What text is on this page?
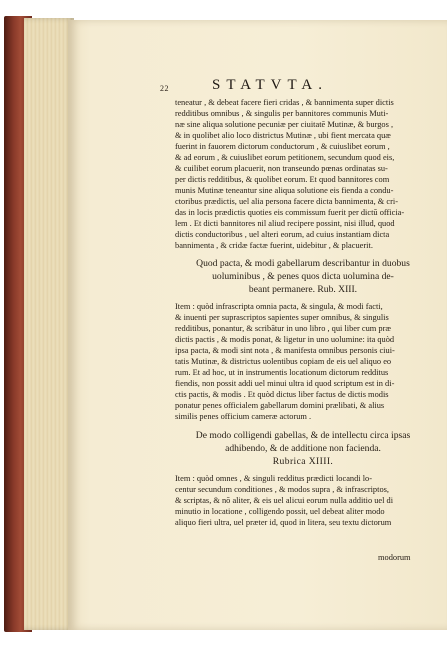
22	STATVTA.
teneatur , & debeat facere fieri cridas , & bannimenta super dictis
redditibus omnibus , & singulis per bannitores communis Muti-
næ sine aliqua solutione pecuniæ per ciuitatē Mutinæ, & burgos ,
& in quolibet alio loco districtus Mutinæ , ubi fient mercata quæ
fuerint in fauorem dictorum conductorum , & cuiuslibet eorum ,
& ad eorum , & cuiuslibet eorum petitionem, secundum quod eis,
& cuilibet eorum placuerit, non transeundo pœnas ordinatas su-
per dictis redditibus, & quolibet eorum. Et quod bannitores com
munis Mutinæ teneantur sine aliqua solutione eis fienda a condu-
ctoribus prædictis, uel alia persona facere dicta bannimenta, & cri-
das in locis prædictis quoties eis commissum fuerit per dictū officia-
lem . Et dicti bannitores nil aliud recipere possint, nisi illud, quod
dictis conductoribus , uel alteri eorum, ad cuius instantiam dicta
bannimenta , & cridæ factæ fuerint, uidebitur , & placuerit.
Quod pacta, & modi gabellarum describantur in duobus
uoluminibus , & penes quos dicta uolumina de-
beant permanere. Rub. XIII.
Item : quòd infrascripta omnia pacta, & singula, & modi facti,
& inuenti per suprascriptos sapientes super omnibus, & singulis
redditibus, ponantur, & scribātur in uno libro , qui liber cum præ
dictis pactis , & modis ponat, & ligetur in uno uolumine: ita quòd
ipsa pacta, & modi sint nota , & manifesta omnibus personis ciui-
tatis Mutinæ, & districtus uolentibus copiam de eis uel aliquo eo
rum. Et ad hoc, ut in instrumentis locationum dictorum redditus
fiendis, non possit addi uel minui ultra id quod scriptum est in di-
ctis pactis, & modis . Et quòd dictus liber factus de dictis modis
ponatur penes officialem gabellarum domini prælibati, & alius
similis penes officium cameræ actorum .
De modo colligendi gabellas, & de intellectu circa ipsas
adhibendo, & de additione non facienda.
Rubrica XIIII.
Item : quòd omnes , & singuli redditus prædicti locandi lo-
centur secundum conditiones , & modos supra , & infrascriptos,
& scriptas, & nō aliter, & eis uel alicui eorum nulla additio uel di
minutio in locatione , colligendo possit, uel debeat aliter modo
aliquo fieri ultra, uel præter id, quod in litera, seu textu dictorum
modorum
